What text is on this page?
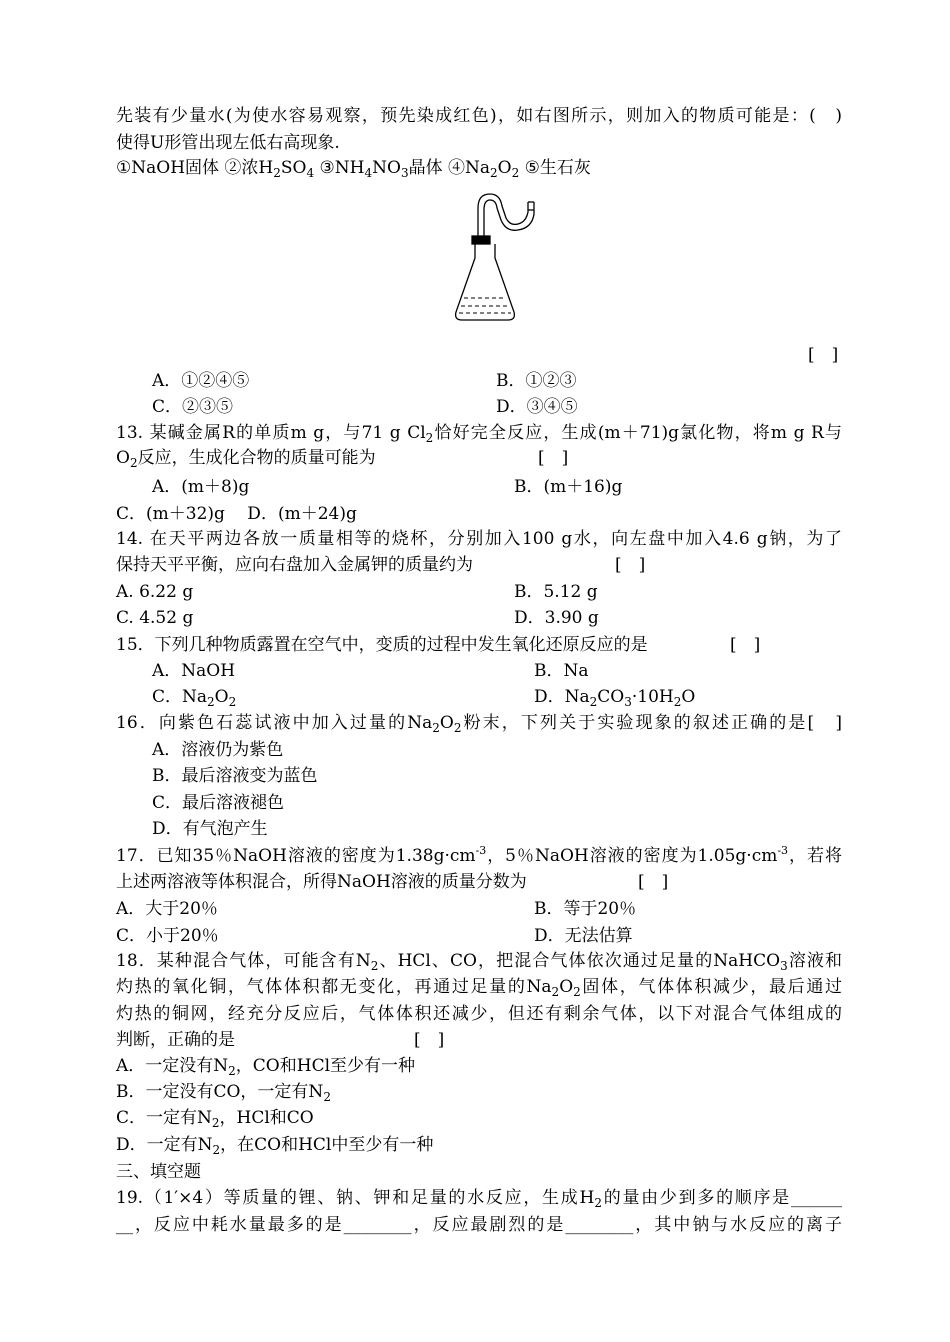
先装有少量水(为使水容易观察，预先染成红色)，如右图所示，则加入的物质可能是：(　)
使得U形管出现左低右高现象.
①NaOH固体 ②浓$H_2SO_4$ $③NH_4NO_3$晶体 $④Na_2O_2$ ⑤生石灰
[　]
A．①②④⑤	B．①②③
C．②③⑤	D．③④⑤
13. 某碱金属R的单质m g，与71 g $Cl_2$恰好完全反应，生成(m＋71)g氯化物，将m g R与
$O_2$反应，生成化合物的质量可能为	[　]
A．(m＋8)g	B．(m＋16)g
C．(m＋32)g　 D．(m＋24)g
14. 在天平两边各放一质量相等的烧杯，分别加入100 g水，向左盘中加入4.6 g钠，为了
保持天平平衡，应向右盘加入金属钾的质量约为	[　]
A. 6.22 g	B．5.12 g
C. 4.52 g	D．3.90 g
15．下列几种物质露置在空气中，变质的过程中发生氧化还原反应的是	[　]
A．NaOH	B．Na
C．$Na_2O_2$	D．$Na_2CO_3\cdot 10H_2O$
16．向紫色石蕊试液中加入过量的$Na_2O_2$粉末，下列关于实验现象的叙述正确的是[　]
A．溶液仍为紫色
B．最后溶液变为蓝色
C．最后溶液褪色
D．有气泡产生
17．已知35％NaOH溶液的密度为$1.38g\cdot cm^{-3}$，5％NaOH溶液的密度为$1.05g\cdot cm^{-3}$，若将
上述两溶液等体积混合，所得NaOH溶液的质量分数为	[　]
A．大于20％	B．等于20％
C．小于20％	D．无法估算
18．某种混合气体，可能含有$N_2$、HCl、CO，把混合气体依次通过足量的NaHCO$_3$溶液和
灼热的氧化铜，气体体积都无变化，再通过足量的$Na_2O_2$固体，气体体积减少，最后通过
灼热的铜网，经充分反应后，气体体积还减少，但还有剩余气体，以下对混合气体组成的
判断，正确的是	[　]
A．一定没有$N_2$，CO和HCl至少有一种
B．一定没有CO，一定有$N_2$
C．一定有$N_2$，HCl和CO
D．一定有$N_2$，在CO和HCl中至少有一种
三、填空题
19.（1′×4）等质量的锂、钠、钾和足量的水反应，生成$H_2$的量由少到多的顺序是______
__，反应中耗水量最多的是________，反应最剧烈的是________，其中钠与水反应的离子
